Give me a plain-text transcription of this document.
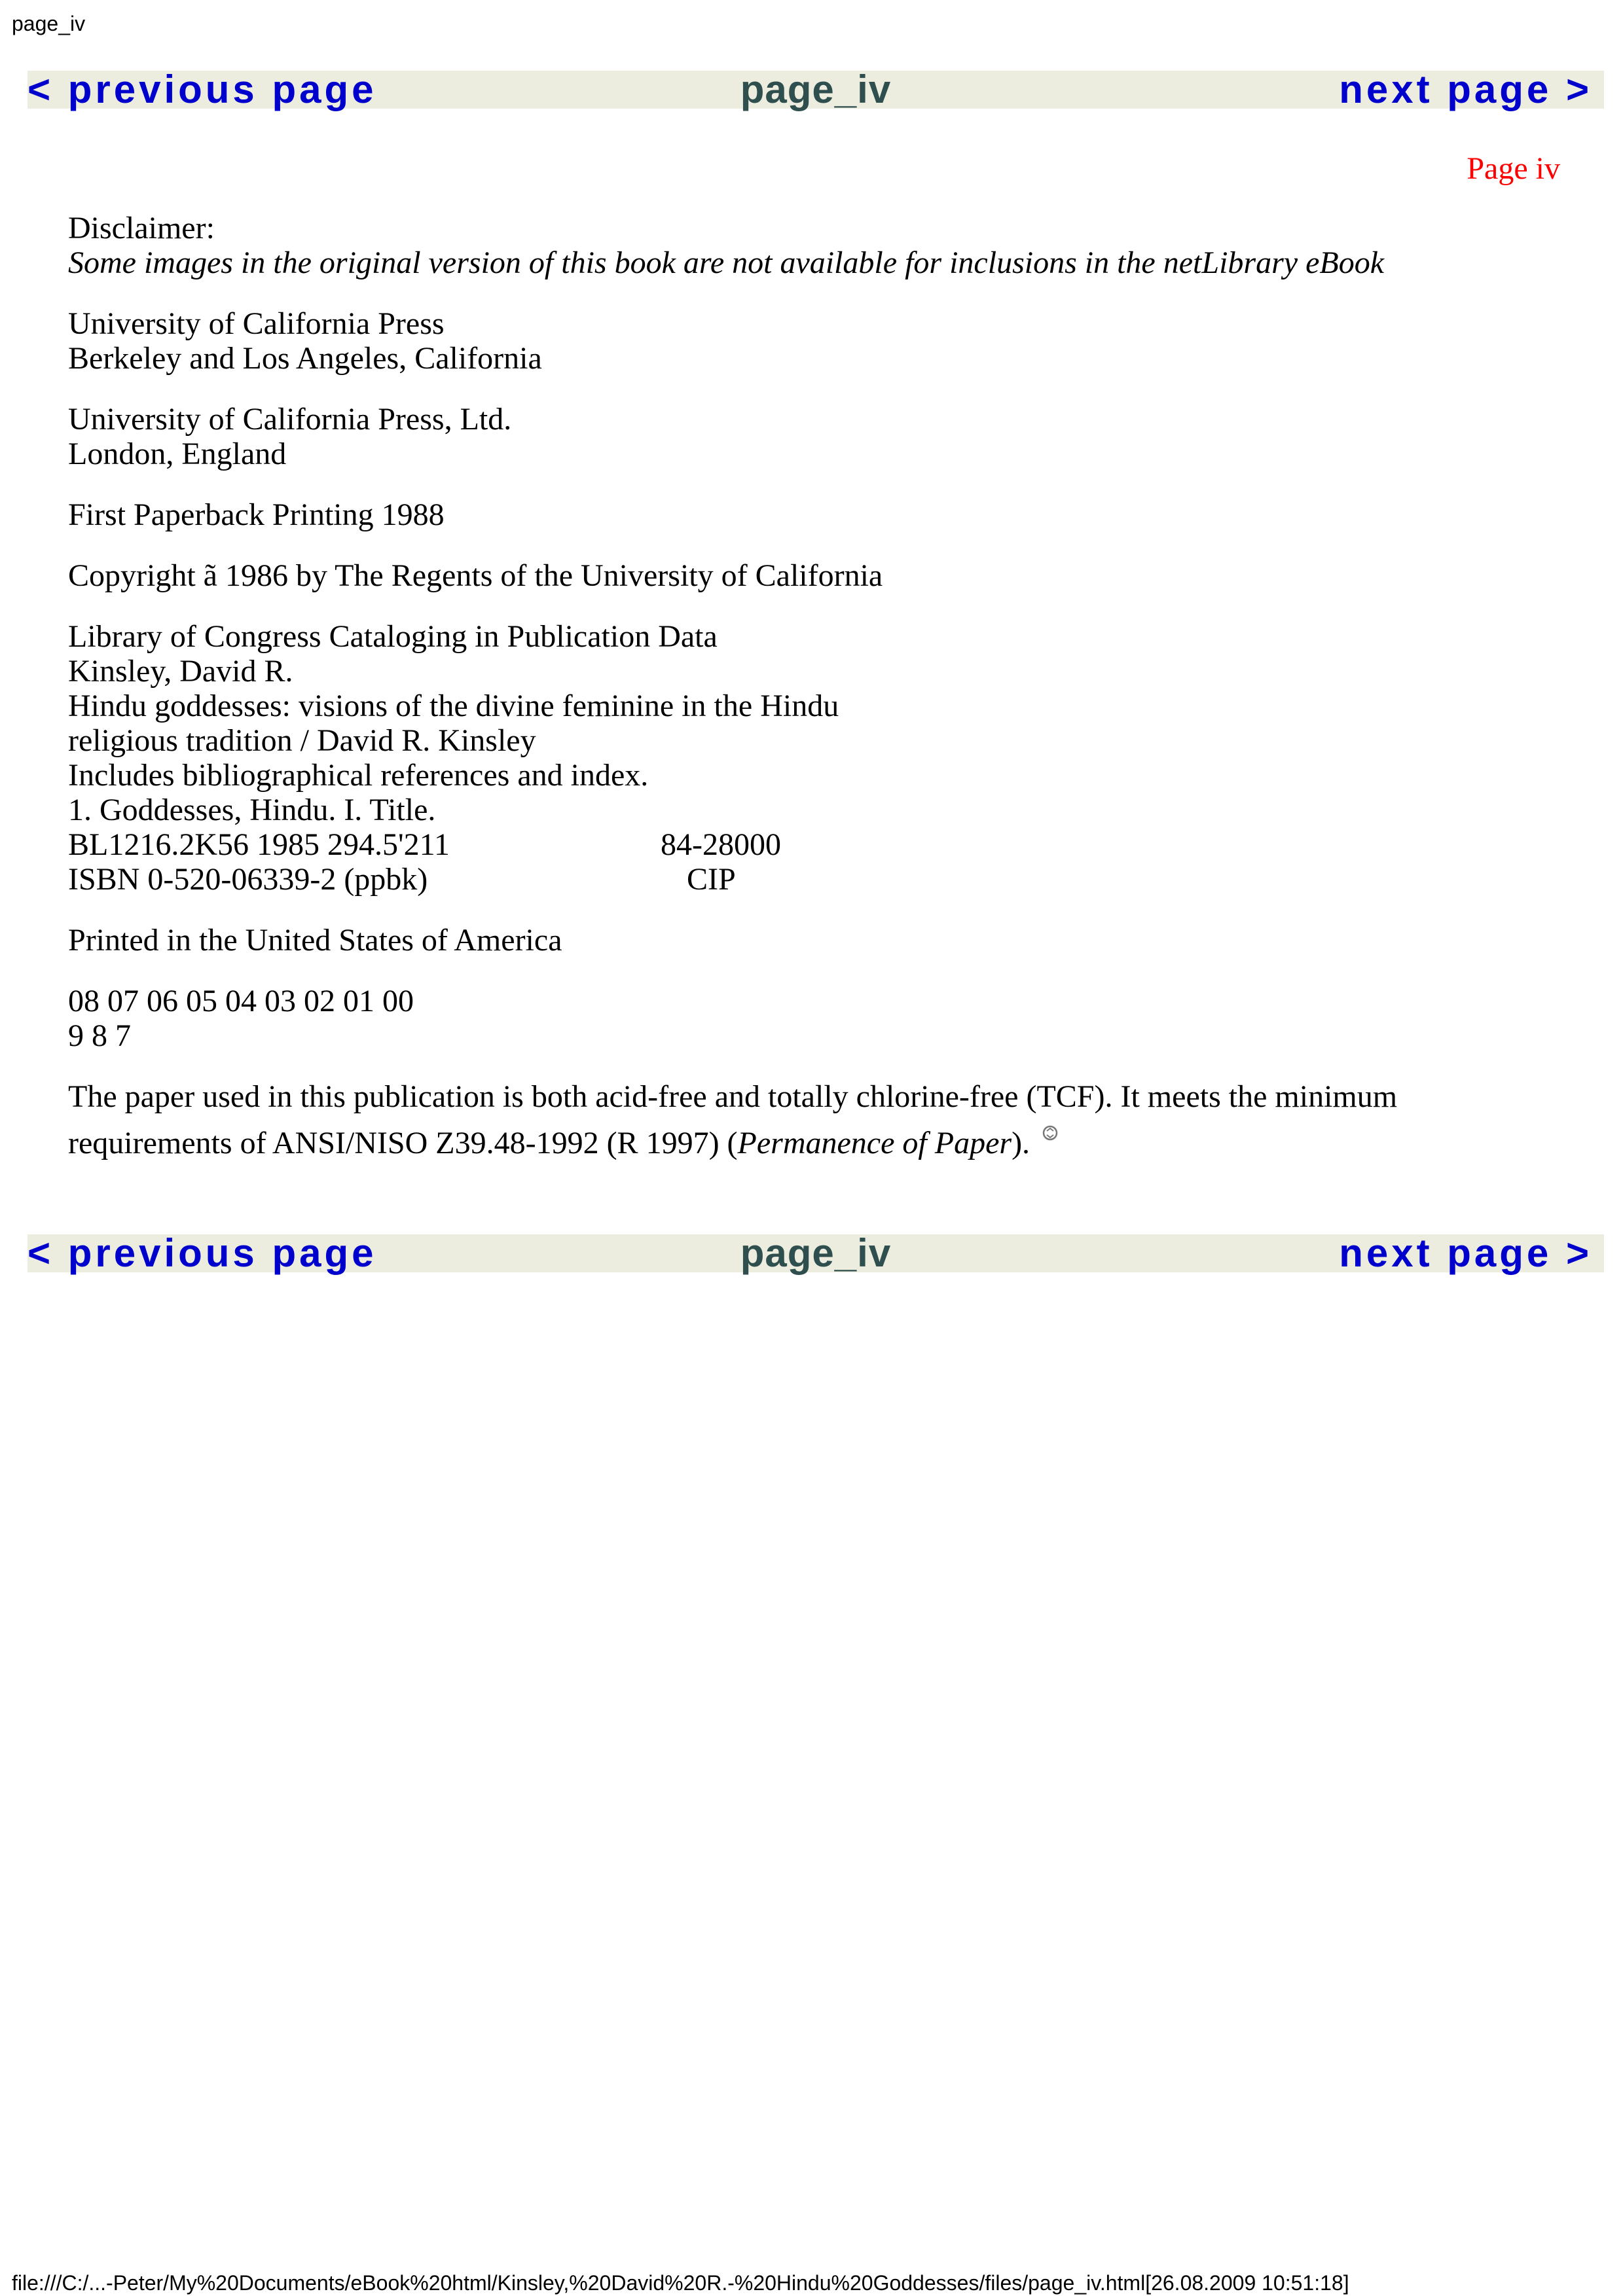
page_iv
< previous page	page_iv	next page >
Page iv

Disclaimer:
Some images in the original version of this book are not available for inclusions in the netLibrary eBook

University of California Press
Berkeley and Los Angeles, California

University of California Press, Ltd.
London, England

First Paperback Printing 1988

Copyright ã 1986 by The Regents of the University of California

Library of Congress Cataloging in Publication Data
Kinsley, David R.
Hindu goddesses: visions of the divine feminine in the Hindu
religious tradition / David R. Kinsley
Includes bibliographical references and index.
1. Goddesses, Hindu. I. Title.
BL1216.2K56 1985 294.5'211	84-28000
ISBN 0-520-06339-2 (ppbk)	CIP

Printed in the United States of America

08 07 06 05 04 03 02 01 00
9 8 7

The paper used in this publication is both acid-free and totally chlorine-free (TCF). It meets the minimum requirements of ANSI/NISO Z39.48-1992 (R 1997) (Permanence of Paper).

< previous page	page_iv	next page >
file:///C:/...-Peter/My%20Documents/eBook%20html/Kinsley,%20David%20R.-%20Hindu%20Goddesses/files/page_iv.html[26.08.2009 10:51:18]
